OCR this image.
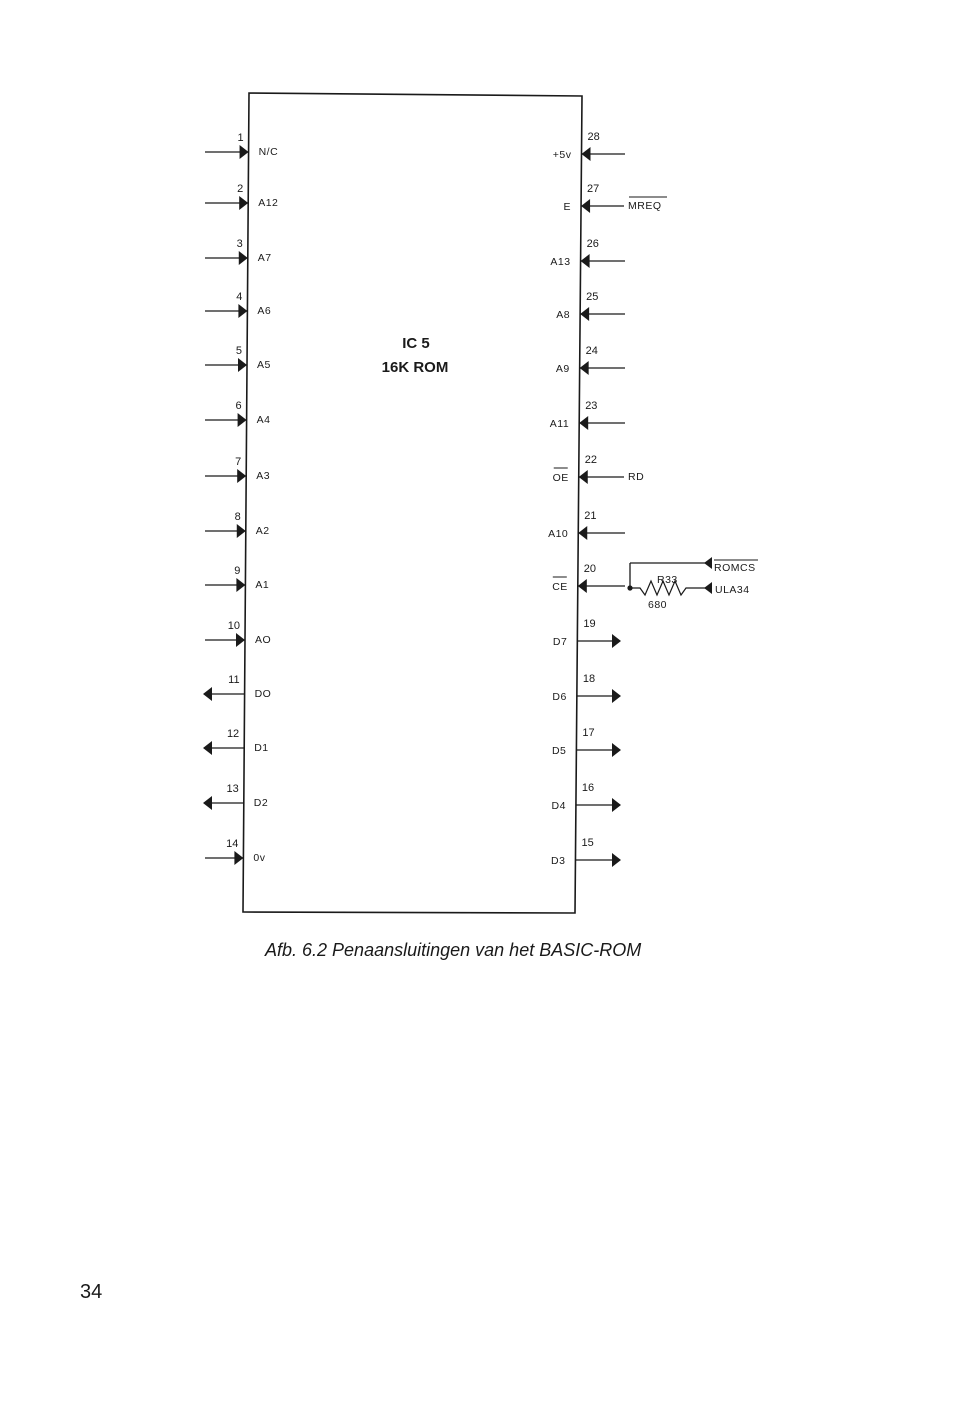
IC 5
16K ROM
1
N/C
2
A12
3
A7
4
A6
5
A5
6
A4
7
A3
8
A2
9
A1
10
AO
11
DO
12
D1
13
D2
14
0v
28
+5v
27
E	MREQ
26
A13
25
A8
24
A9
23
A11
22
OE	RD
21
A10
20
CE
19
D7
18
D6
17
D5
16
D4
15
D3
ROMCS
ULA34
R33
680
Afb. 6.2 Penaansluitingen van het BASIC-ROM
34
